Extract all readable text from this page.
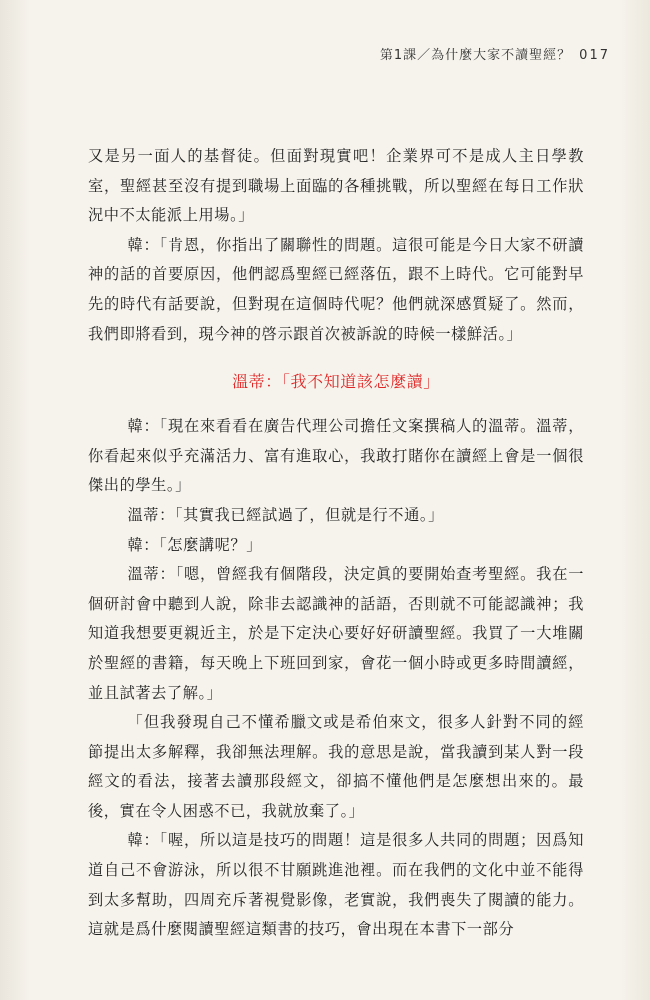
第1課／為什麼大家不讀聖經？ 017

又是另一面人的基督徒。但面對現實吧！企業界可不是成人主日學教室，聖經甚至沒有提到職場上面臨的各種挑戰，所以聖經在每日工作狀況中不太能派上用場。」

韓：「肯恩，你指出了關聯性的問題。這很可能是今日大家不研讀神的話的首要原因，他們認爲聖經已經落伍，跟不上時代。它可能對早先的時代有話要說，但對現在這個時代呢？他們就深感質疑了。然而，我們即將看到，現今神的啓示跟首次被訴說的時候一樣鮮活。」

溫蒂：「我不知道該怎麼讀」

韓：「現在來看看在廣告代理公司擔任文案撰稿人的溫蒂。溫蒂，你看起來似乎充滿活力、富有進取心，我敢打賭你在讀經上會是一個很傑出的學生。」

溫蒂：「其實我已經試過了，但就是行不通。」

韓：「怎麼講呢？」

溫蒂：「嗯，曾經我有個階段，決定眞的要開始查考聖經。我在一個研討會中聽到人說，除非去認識神的話語，否則就不可能認識神；我知道我想要更親近主，於是下定決心要好好研讀聖經。我買了一大堆關於聖經的書籍，每天晚上下班回到家，會花一個小時或更多時間讀經，並且試著去了解。」

「但我發現自己不懂希臘文或是希伯來文，很多人針對不同的經節提出太多解釋，我卻無法理解。我的意思是說，當我讀到某人對一段經文的看法，接著去讀那段經文，卻搞不懂他們是怎麼想出來的。最後，實在令人困惑不已，我就放棄了。」

韓：「喔，所以這是技巧的問題！這是很多人共同的問題；因爲知道自己不會游泳，所以很不甘願跳進池裡。而在我們的文化中並不能得到太多幫助，四周充斥著視覺影像，老實說，我們喪失了閱讀的能力。這就是爲什麼閱讀聖經這類書的技巧，會出現在本書下一部分
